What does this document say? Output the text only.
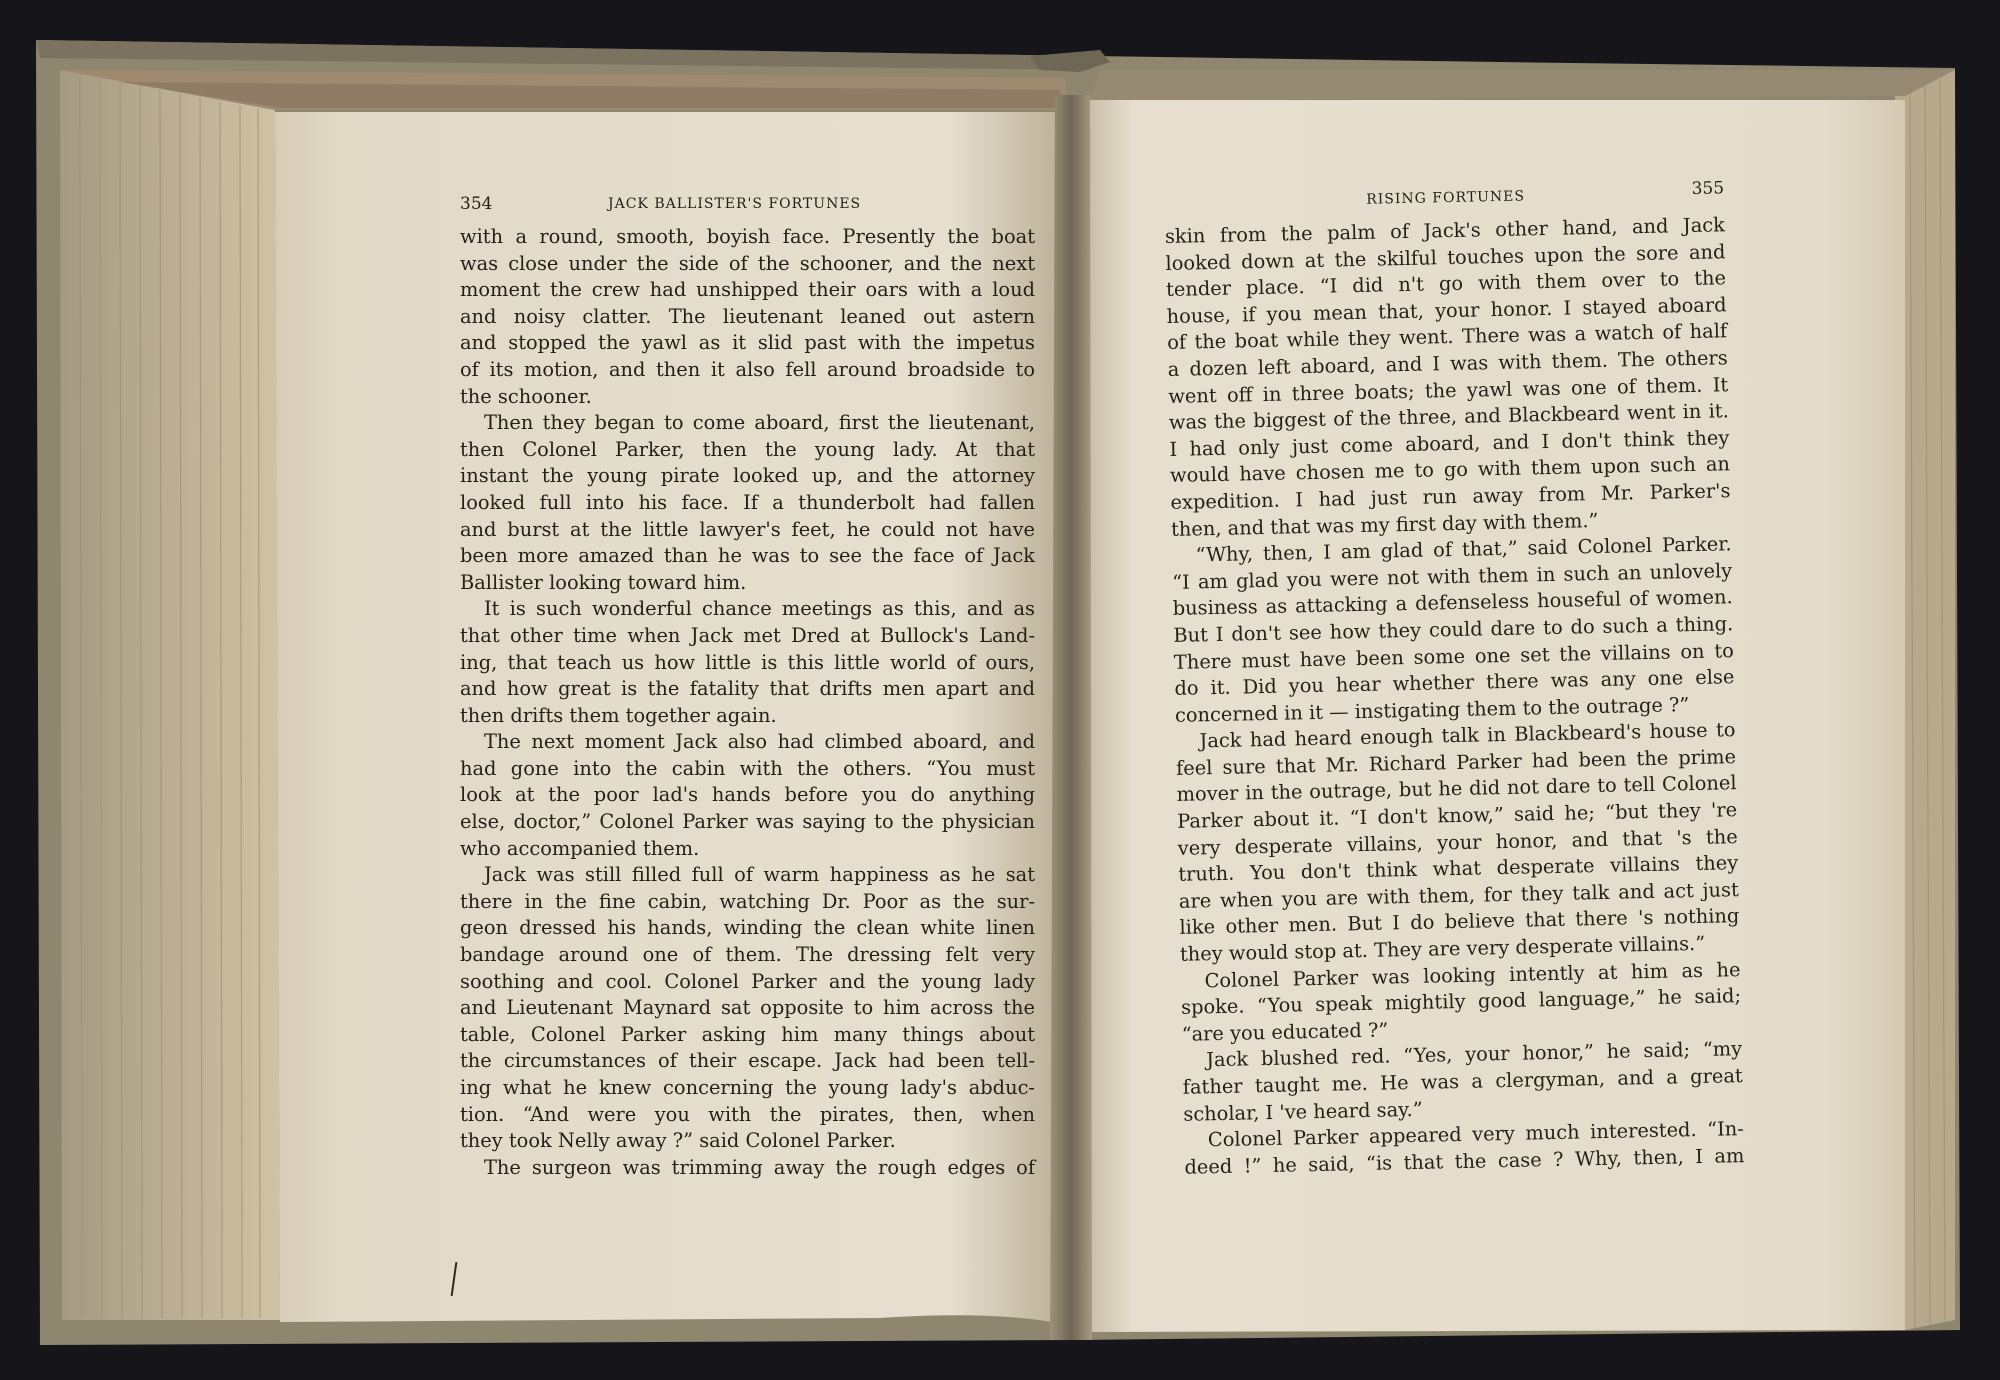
354	JACK BALLISTER'S FORTUNES
with a round, smooth, boyish face. Presently the boat
was close under the side of the schooner, and the next
moment the crew had unshipped their oars with a loud
and noisy clatter. The lieutenant leaned out astern
and stopped the yawl as it slid past with the impetus
of its motion, and then it also fell around broadside to
the schooner.
Then they began to come aboard, first the lieutenant,
then Colonel Parker, then the young lady. At that
instant the young pirate looked up, and the attorney
looked full into his face. If a thunderbolt had fallen
and burst at the little lawyer's feet, he could not have
been more amazed than he was to see the face of Jack
Ballister looking toward him.
It is such wonderful chance meetings as this, and as
that other time when Jack met Dred at Bullock's Land-
ing, that teach us how little is this little world of ours,
and how great is the fatality that drifts men apart and
then drifts them together again.
The next moment Jack also had climbed aboard, and
had gone into the cabin with the others. “You must
look at the poor lad's hands before you do anything
else, doctor,” Colonel Parker was saying to the physician
who accompanied them.
Jack was still filled full of warm happiness as he sat
there in the fine cabin, watching Dr. Poor as the sur-
geon dressed his hands, winding the clean white linen
bandage around one of them. The dressing felt very
soothing and cool. Colonel Parker and the young lady
and Lieutenant Maynard sat opposite to him across the
table, Colonel Parker asking him many things about
the circumstances of their escape. Jack had been tell-
ing what he knew concerning the young lady's abduc-
tion. “And were you with the pirates, then, when
they took Nelly away ?” said Colonel Parker.
The surgeon was trimming away the rough edges of
RISING FORTUNES	355
skin from the palm of Jack's other hand, and Jack
looked down at the skilful touches upon the sore and
tender place. “I did n't go with them over to the
house, if you mean that, your honor. I stayed aboard
of the boat while they went. There was a watch of half
a dozen left aboard, and I was with them. The others
went off in three boats; the yawl was one of them. It
was the biggest of the three, and Blackbeard went in it.
I had only just come aboard, and I don't think they
would have chosen me to go with them upon such an
expedition. I had just run away from Mr. Parker's
then, and that was my first day with them.”
“Why, then, I am glad of that,” said Colonel Parker.
“I am glad you were not with them in such an unlovely
business as attacking a defenseless houseful of women.
But I don't see how they could dare to do such a thing.
There must have been some one set the villains on to
do it. Did you hear whether there was any one else
concerned in it — instigating them to the outrage ?”
Jack had heard enough talk in Blackbeard's house to
feel sure that Mr. Richard Parker had been the prime
mover in the outrage, but he did not dare to tell Colonel
Parker about it. “I don't know,” said he; “but they 're
very desperate villains, your honor, and that 's the
truth. You don't think what desperate villains they
are when you are with them, for they talk and act just
like other men. But I do believe that there 's nothing
they would stop at. They are very desperate villains.”
Colonel Parker was looking intently at him as he
spoke. “You speak mightily good language,” he said;
“are you educated ?”
Jack blushed red. “Yes, your honor,” he said; “my
father taught me. He was a clergyman, and a great
scholar, I 've heard say.”
Colonel Parker appeared very much interested. “In-
deed !” he said, “is that the case ? Why, then, I am
